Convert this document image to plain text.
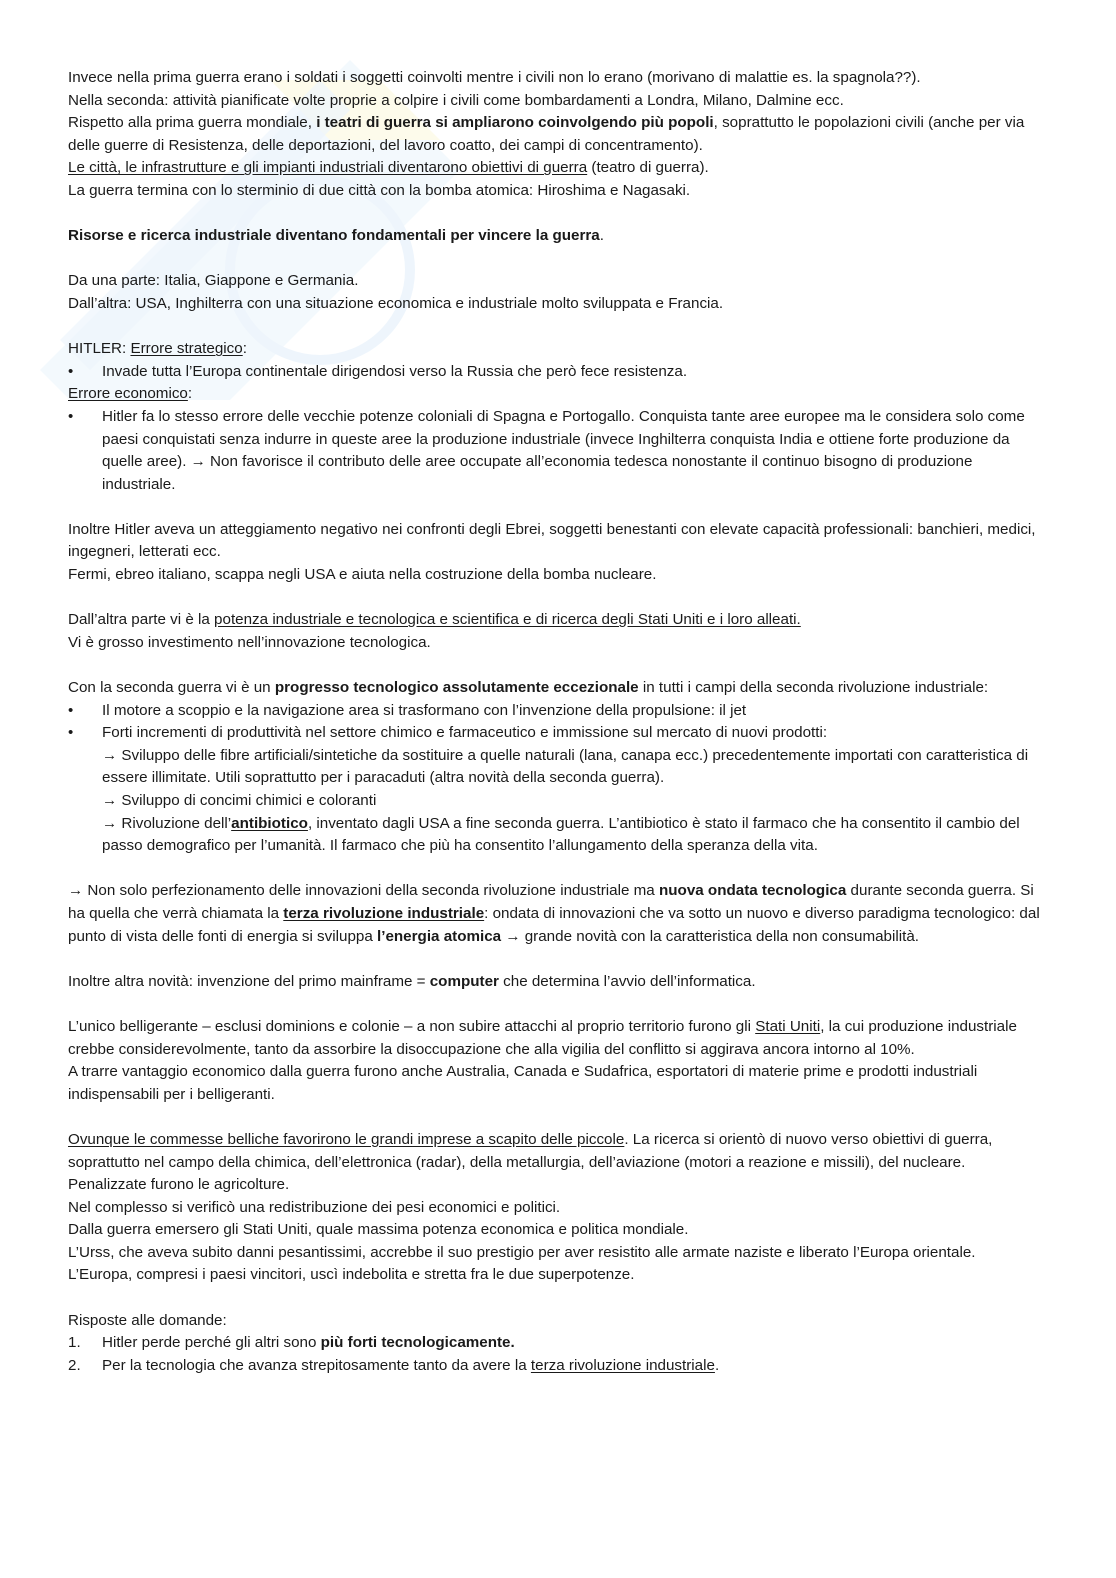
Invece nella prima guerra erano i soldati i soggetti coinvolti mentre i civili non lo erano (morivano di malattie es. la spagnola??).

Nella seconda: attività pianificate volte proprie a colpire i civili come bombardamenti a Londra, Milano, Dalmine ecc.

Rispetto alla prima guerra mondiale, i teatri di guerra si ampliarono coinvolgendo più popoli, soprattutto le popolazioni civili (anche per via delle guerre di Resistenza, delle deportazioni, del lavoro coatto, dei campi di concentramento).

Le città, le infrastrutture e gli impianti industriali diventarono obiettivi di guerra (teatro di guerra).

La guerra termina con lo sterminio di due città con la bomba atomica: Hiroshima e Nagasaki.

Risorse e ricerca industriale diventano fondamentali per vincere la guerra.

Da una parte: Italia, Giappone e Germania.

Dall’altra: USA, Inghilterra con una situazione economica e industriale molto sviluppata e Francia.

HITLER: Errore strategico:

• Invade tutta l’Europa continentale dirigendosi verso la Russia che però fece resistenza.

Errore economico:

• Hitler fa lo stesso errore delle vecchie potenze coloniali di Spagna e Portogallo. Conquista tante aree europee ma le considera solo come paesi conquistati senza indurre in queste aree la produzione industriale (invece Inghilterra conquista India e ottiene forte produzione da quelle aree). → Non favorisce il contributo delle aree occupate all’economia tedesca nonostante il continuo bisogno di produzione industriale.

Inoltre Hitler aveva un atteggiamento negativo nei confronti degli Ebrei, soggetti benestanti con elevate capacità professionali: banchieri, medici, ingegneri, letterati ecc.

Fermi, ebreo italiano, scappa negli USA e aiuta nella costruzione della bomba nucleare.

Dall’altra parte vi è la potenza industriale e tecnologica e scientifica e di ricerca degli Stati Uniti e i loro alleati.

Vi è grosso investimento nell’innovazione tecnologica.

Con la seconda guerra vi è un progresso tecnologico assolutamente eccezionale in tutti i campi della seconda rivoluzione industriale:

• Il motore a scoppio e la navigazione area si trasformano con l’invenzione della propulsione: il jet
• Forti incrementi di produttività nel settore chimico e farmaceutico e immissione sul mercato di nuovi prodotti:
→ Sviluppo delle fibre artificiali/sintetiche da sostituire a quelle naturali (lana, canapa ecc.) precedentemente importati con caratteristica di essere illimitate. Utili soprattutto per i paracaduti (altra novità della seconda guerra).
→ Sviluppo di concimi chimici e coloranti
→ Rivoluzione dell’antibiotico, inventato dagli USA a fine seconda guerra. L’antibiotico è stato il farmaco che ha consentito il cambio del passo demografico per l’umanità. Il farmaco che più ha consentito l’allungamento della speranza della vita.

→ Non solo perfezionamento delle innovazioni della seconda rivoluzione industriale ma nuova ondata tecnologica durante seconda guerra. Si ha quella che verrà chiamata la terza rivoluzione industriale: ondata di innovazioni che va sotto un nuovo e diverso paradigma tecnologico: dal punto di vista delle fonti di energia si sviluppa l’energia atomica → grande novità con la caratteristica della non consumabilità.

Inoltre altra novità: invenzione del primo mainframe = computer che determina l’avvio dell’informatica.

L’unico belligerante – esclusi dominions e colonie – a non subire attacchi al proprio territorio furono gli Stati Uniti, la cui produzione industriale crebbe considerevolmente, tanto da assorbire la disoccupazione che alla vigilia del conflitto si aggirava ancora intorno al 10%.

A trarre vantaggio economico dalla guerra furono anche Australia, Canada e Sudafrica, esportatori di materie prime e prodotti industriali indispensabili per i belligeranti.

Ovunque le commesse belliche favorirono le grandi imprese a scapito delle piccole. La ricerca si orientò di nuovo verso obiettivi di guerra, soprattutto nel campo della chimica, dell’elettronica (radar), della metallurgia, dell’aviazione (motori a reazione e missili), del nucleare. Penalizzate furono le agricolture.

Nel complesso si verificò una redistribuzione dei pesi economici e politici.

Dalla guerra emersero gli Stati Uniti, quale massima potenza economica e politica mondiale.

L’Urss, che aveva subito danni pesantissimi, accrebbe il suo prestigio per aver resistito alle armate naziste e liberato l’Europa orientale. L’Europa, compresi i paesi vincitori, uscì indebolita e stretta fra le due superpotenze.

Risposte alle domande:

1. Hitler perde perché gli altri sono più forti tecnologicamente.
2. Per la tecnologia che avanza strepitosamente tanto da avere la terza rivoluzione industriale.
